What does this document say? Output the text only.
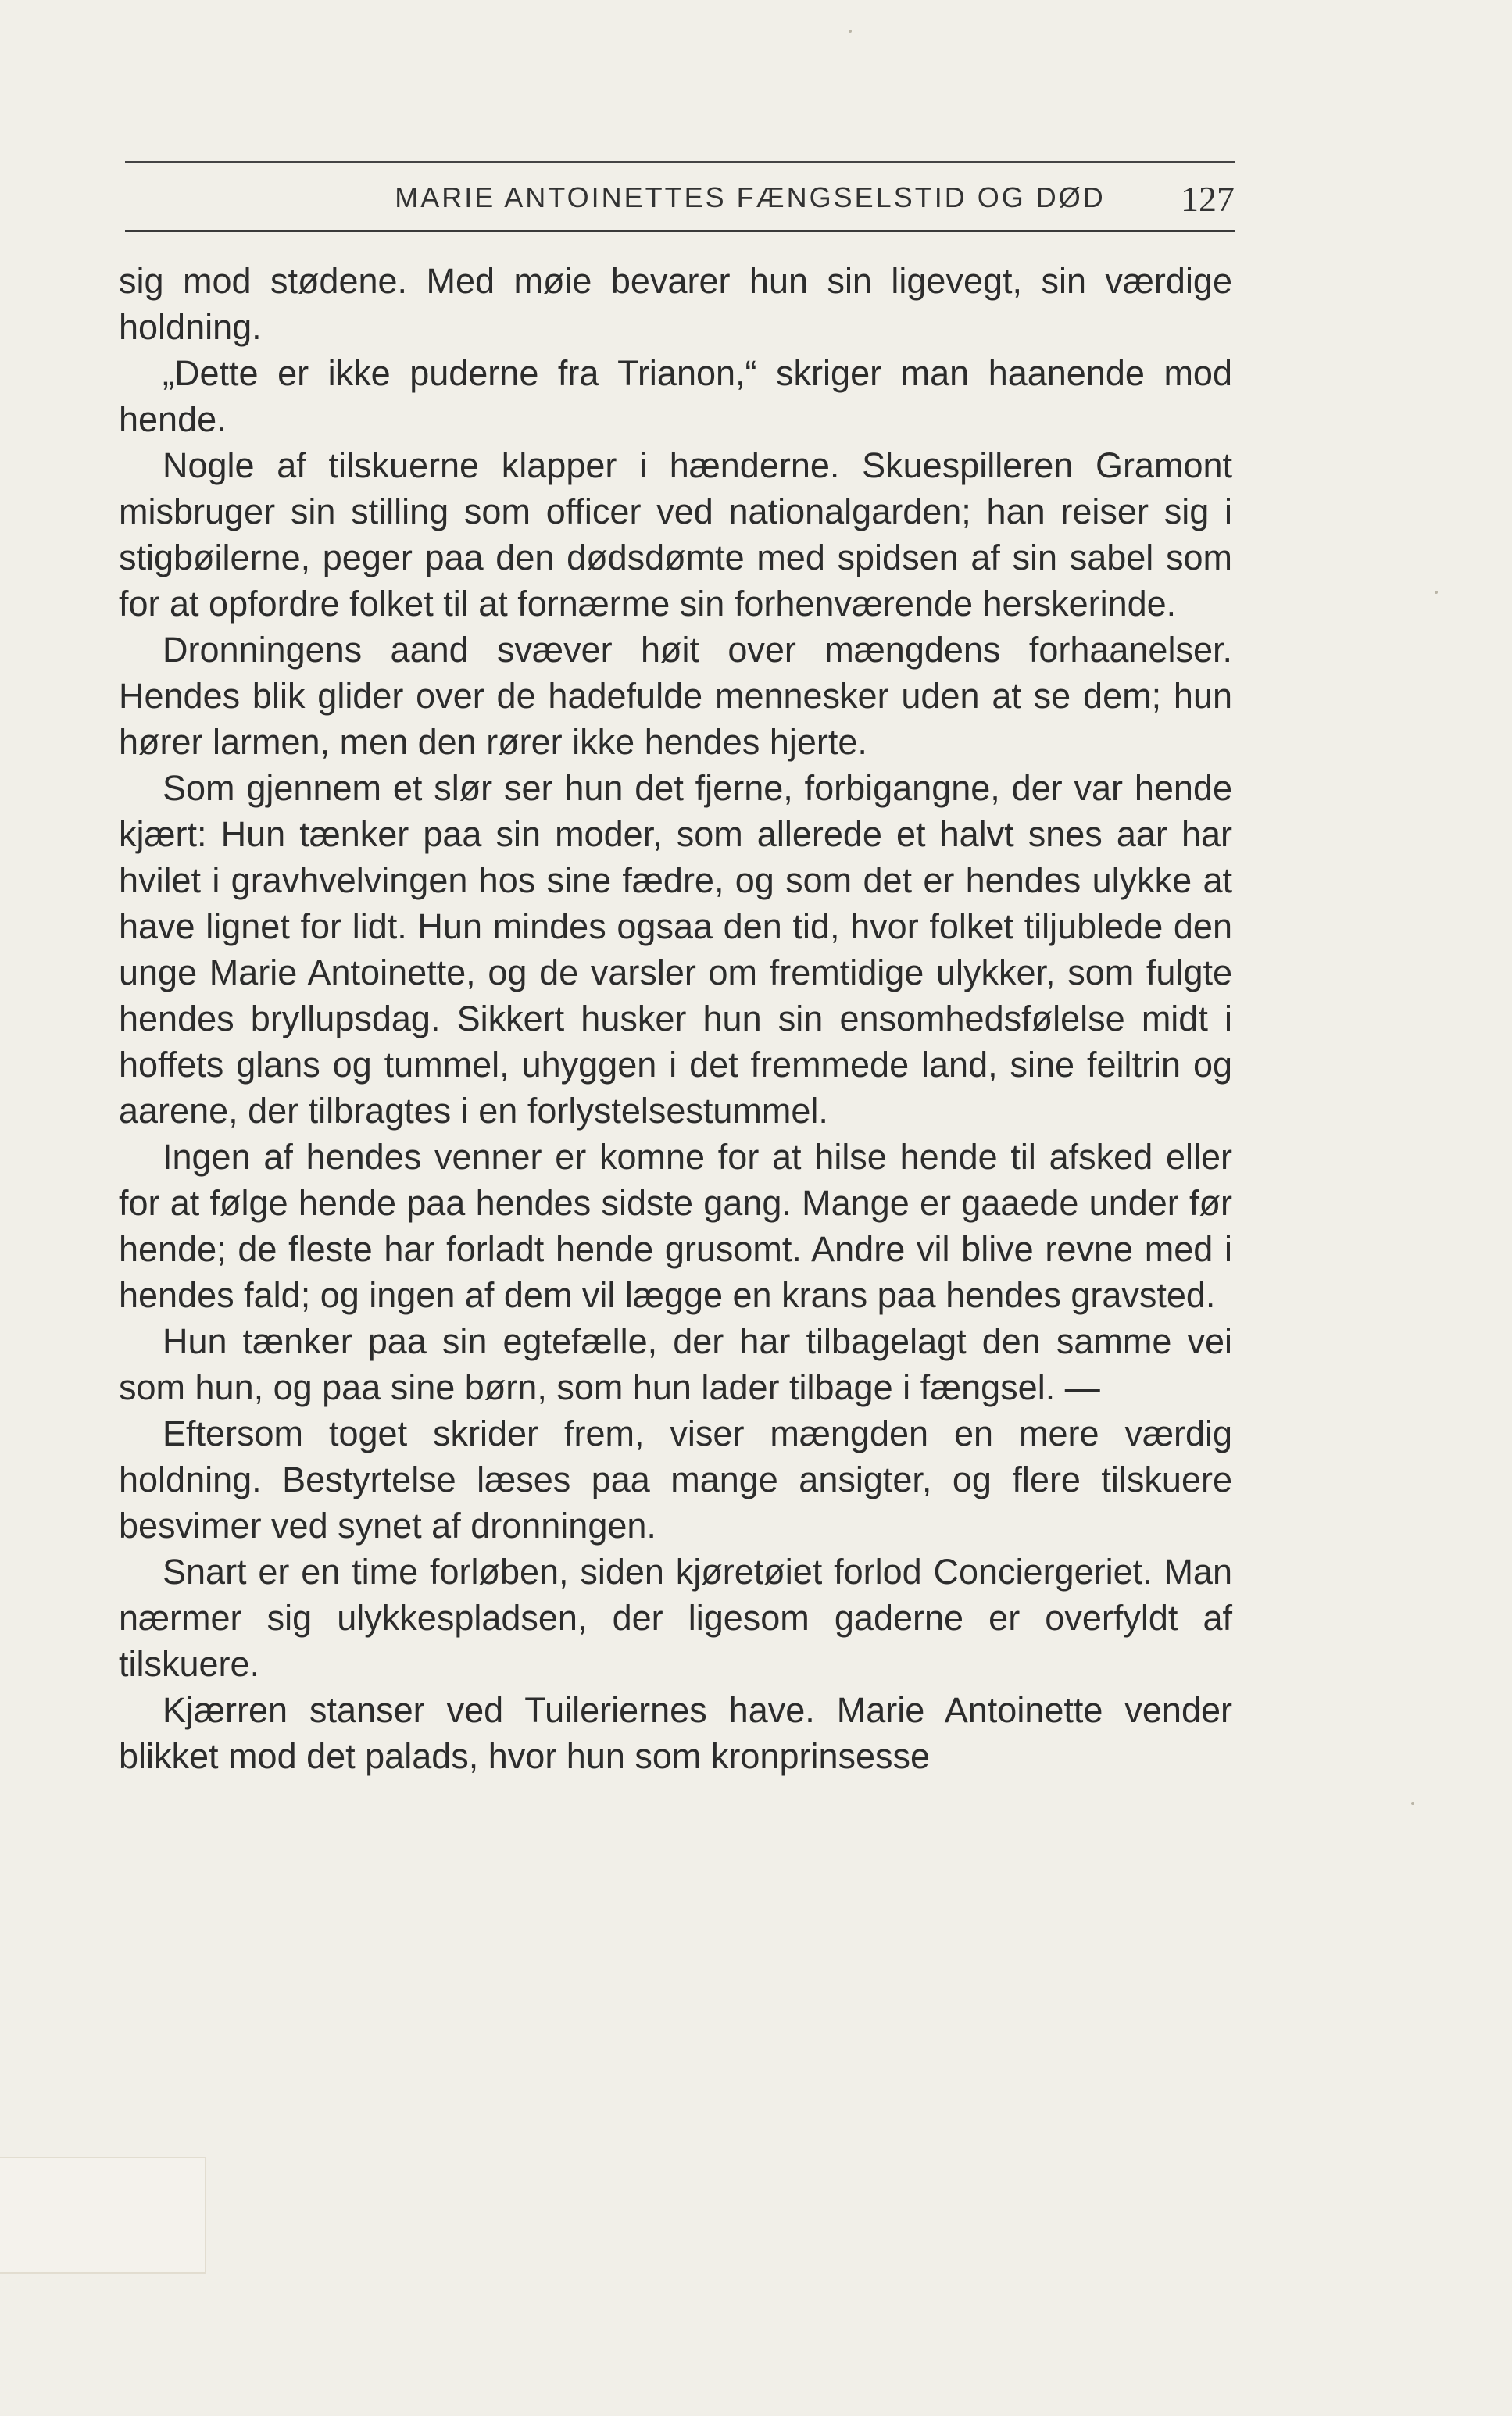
MARIE ANTOINETTES FÆNGSELSTID OG DØD	127

sig mod stødene. Med møie bevarer hun sin ligevegt, sin værdige holdning.

„Dette er ikke puderne fra Trianon,“ skriger man haanende mod hende.

Nogle af tilskuerne klapper i hænderne. Skuespilleren Gramont misbruger sin stilling som officer ved nationalgarden; han reiser sig i stigbøilerne, peger paa den dødsdømte med spidsen af sin sabel som for at opfordre folket til at fornærme sin forhenværende herskerinde.

Dronningens aand svæver høit over mængdens forhaanelser. Hendes blik glider over de hadefulde mennesker uden at se dem; hun hører larmen, men den rører ikke hendes hjerte.

Som gjennem et slør ser hun det fjerne, forbigangne, der var hende kjært: Hun tænker paa sin moder, som allerede et halvt snes aar har hvilet i gravhvelvingen hos sine fædre, og som det er hendes ulykke at have lignet for lidt. Hun mindes ogsaa den tid, hvor folket tiljublede den unge Marie Antoinette, og de varsler om fremtidige ulykker, som fulgte hendes bryllupsdag. Sikkert husker hun sin ensomhedsfølelse midt i hoffets glans og tummel, uhyggen i det fremmede land, sine feiltrin og aarene, der tilbragtes i en forlystelsestummel.

Ingen af hendes venner er komne for at hilse hende til afsked eller for at følge hende paa hendes sidste gang. Mange er gaaede under før hende; de fleste har forladt hende grusomt. Andre vil blive revne med i hendes fald; og ingen af dem vil lægge en krans paa hendes gravsted.

Hun tænker paa sin egtefælle, der har tilbagelagt den samme vei som hun, og paa sine børn, som hun lader tilbage i fængsel. —

Eftersom toget skrider frem, viser mængden en mere værdig holdning. Bestyrtelse læses paa mange ansigter, og flere tilskuere besvimer ved synet af dronningen.

Snart er en time forløben, siden kjøretøiet forlod Conciergeriet. Man nærmer sig ulykkespladsen, der ligesom gaderne er overfyldt af tilskuere.

Kjærren stanser ved Tuileriernes have. Marie Antoinette vender blikket mod det palads, hvor hun som kronprinsesse
